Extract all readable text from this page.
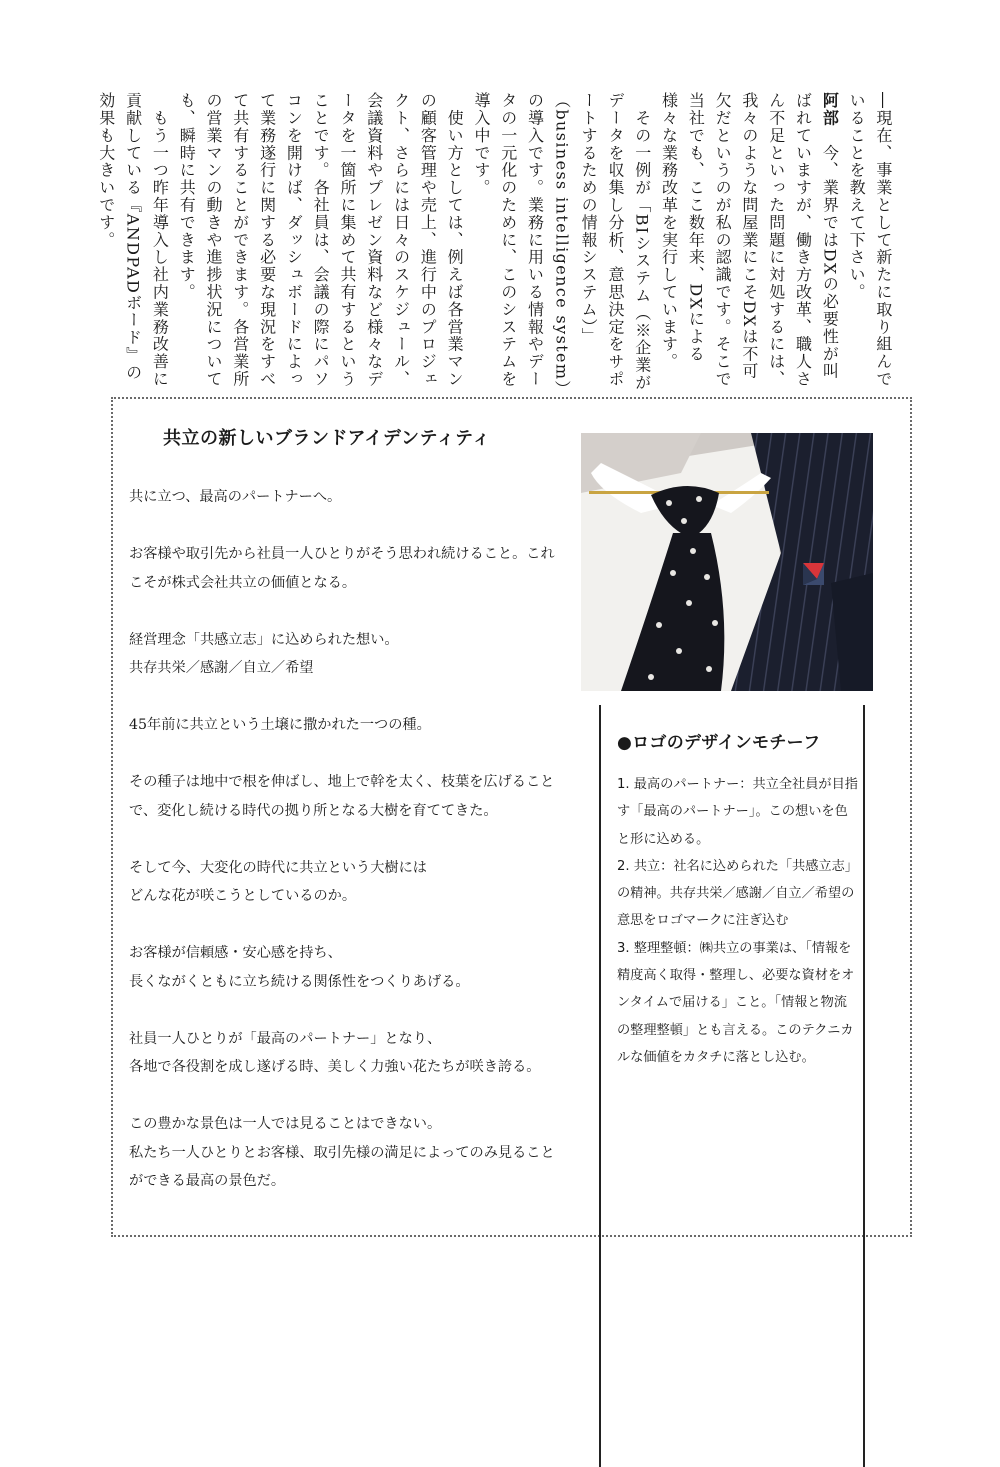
―現在、事業として新たに取り組んでいることを教えて下さい。
阿部　今、業界ではDXの必要性が叫ばれていますが、働き方改革、職人さん不足といった問題に対処するには、我々のような問屋業にこそDXは不可欠だというのが私の認識です。そこで当社でも、ここ数年来、DXによる様々な業務改革を実行しています。
　その一例が「BIシステム（※企業がデータを収集し分析、意思決定をサポートするための情報システム）」（business intelligence system）の導入です。業務に用いる情報やデータの一元化のために、このシステムを導入中です。
　使い方としては、例えば各営業マンの顧客管理や売上、進行中のプロジェクト、さらには日々のスケジュール、会議資料やプレゼン資料など様々なデータを一箇所に集めて共有するということです。各社員は、会議の際にパソコンを開けば、ダッシュボードによって業務遂行に関する必要な現況をすべて共有することができます。各営業所の営業マンの動きや進捗状況についても、瞬時に共有できます。
　もう一つ昨年導入し社内業務改善に貢献している『ANDPADボード』の効果も大きいです。
共立の新しいブランドアイデンティティ

共に立つ、最高のパートナーへ。

お客様や取引先から社員一人ひとりがそう思われ続けること。これこそが株式会社共立の価値となる。

経営理念「共感立志」に込められた想い。
共存共栄／感謝／自立／希望

45年前に共立という土壌に撒かれた一つの種。

その種子は地中で根を伸ばし、地上で幹を太く、枝葉を広げることで、変化し続ける時代の拠り所となる大樹を育ててきた。

そして今、大変化の時代に共立という大樹には
どんな花が咲こうとしているのか。

お客様が信頼感・安心感を持ち、
長くながくともに立ち続ける関係性をつくりあげる。

社員一人ひとりが「最高のパートナー」となり、
各地で各役割を成し遂げる時、美しく力強い花たちが咲き誇る。

この豊かな景色は一人では見ることはできない。
私たち一人ひとりとお客様、取引先様の満足によってのみ見ることができる最高の景色だ。

●ロゴのデザインモチーフ

1. 最高のパートナー：共立全社員が目指す「最高のパートナー」。この想いを色と形に込める。

2. 共立：社名に込められた「共感立志」の精神。共存共栄／感謝／自立／希望の意思をロゴマークに注ぎ込む

3. 整理整頓：㈱共立の事業は、「情報を精度高く取得・整理し、必要な資材をオンタイムで届ける」こと。「情報と物流の整理整頓」とも言える。このテクニカルな価値をカタチに落とし込む。
